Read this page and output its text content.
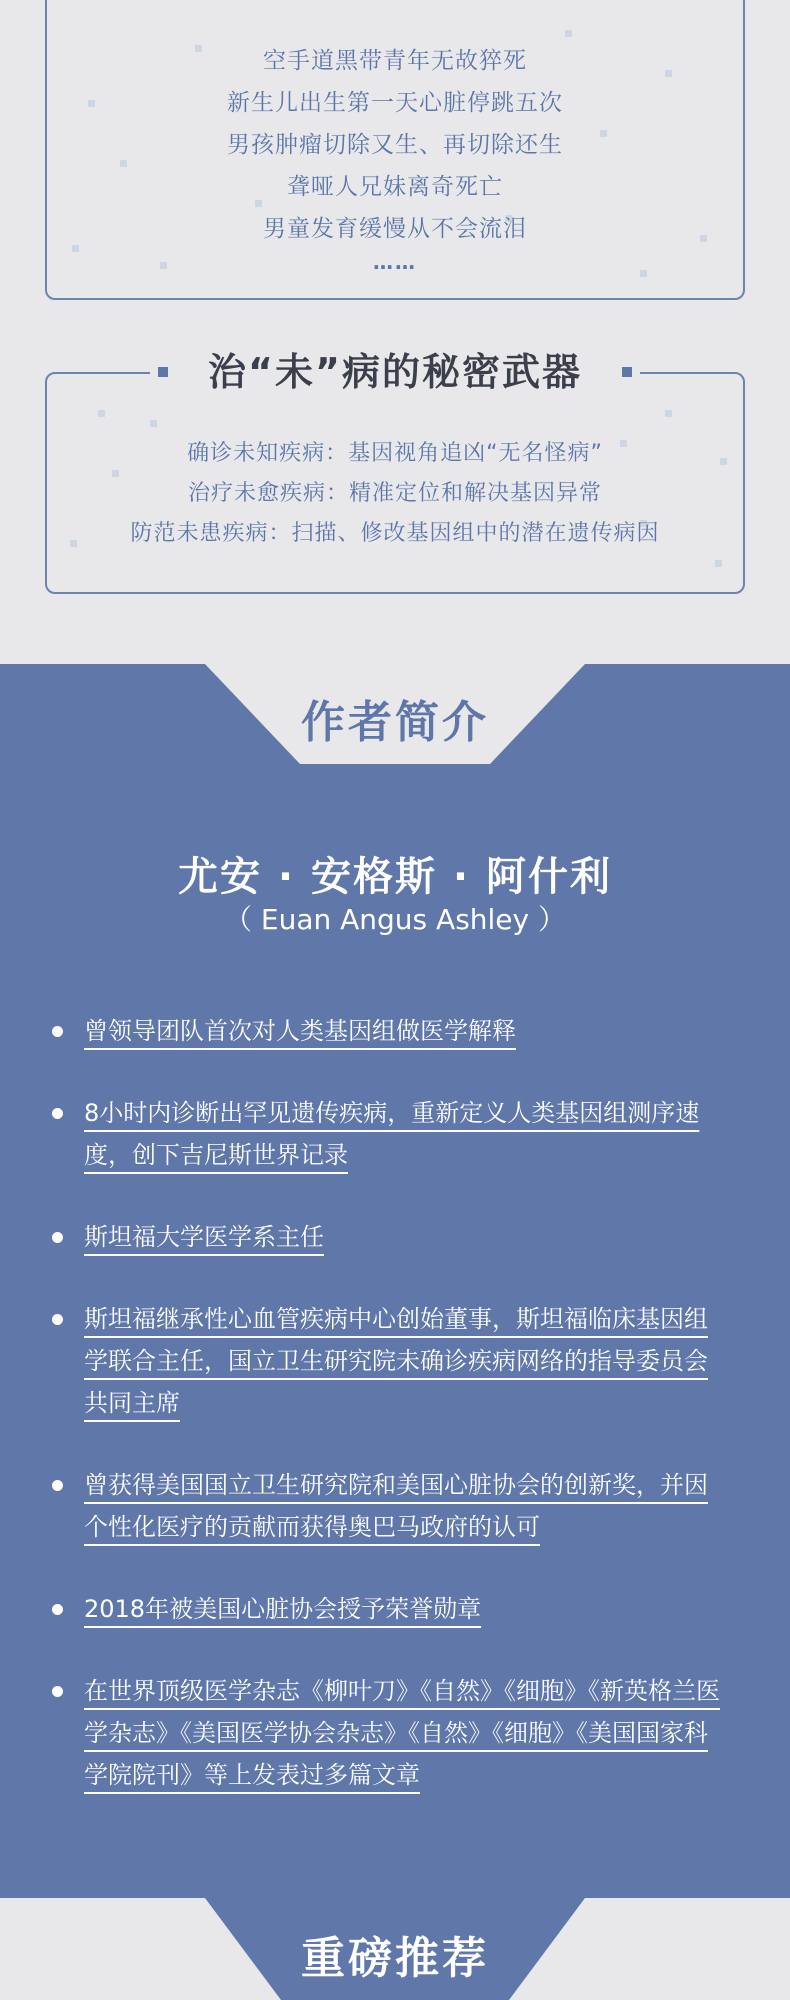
空手道黑带青年无故猝死
新生儿出生第一天心脏停跳五次
男孩肿瘤切除又生、再切除还生
聋哑人兄妹离奇死亡
男童发育缓慢从不会流泪
……
确诊未知疾病：基因视角追凶“无名怪病”
治疗未愈疾病：精准定位和解决基因异常
防范未患疾病：扫描、修改基因组中的潜在遗传病因
治“未”病的秘密武器
作者简介
尤安 · 安格斯 · 阿什利
（ Euan Angus Ashley ）
曾领导团队首次对人类基因组做医学解释
8小时内诊断出罕见遗传疾病，重新定义人类基因组测序速度，创下吉尼斯世界记录
斯坦福大学医学系主任
斯坦福继承性心血管疾病中心创始董事，斯坦福临床基因组学联合主任，国立卫生研究院未确诊疾病网络的指导委员会共同主席
曾获得美国国立卫生研究院和美国心脏协会的创新奖，并因个性化医疗的贡献而获得奥巴马政府的认可
2018年被美国心脏协会授予荣誉勋章
在世界顶级医学杂志《柳叶刀》《自然》《细胞》《新英格兰医学杂志》《美国医学协会杂志》《自然》《细胞》《美国国家科学院院刊》等上发表过多篇文章
重磅推荐
